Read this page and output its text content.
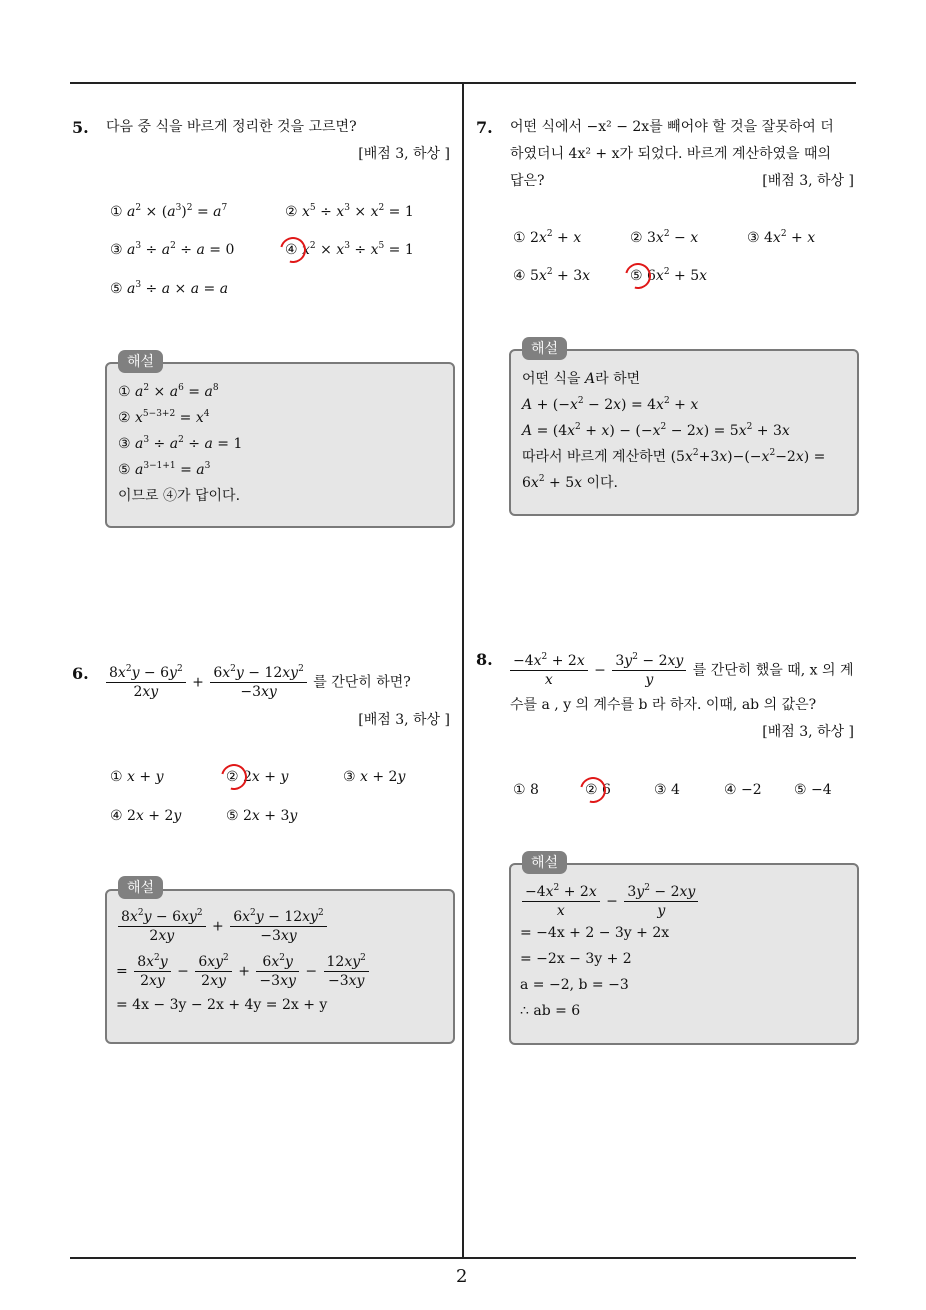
2
5. 다음 중 식을 바르게 정리한 것을 고르면?
[배점 3, 하상 ]
① $a^2 \times (a^3)^2 = a^7$	② $x^5 \div x^3 \times x^2 = 1$
③ $a^3 \div a^2 \div a = 0$	④ $x^2 \times x^3 \div x^5 = 1$
⑤ $a^3 \div a \times a = a$
해설
① $a^2 \times a^6 = a^8$
② $x^{5-3+2} = x^4$
③ $a^3 \div a^2 \div a = 1$
⑤ $a^{3-1+1} = a^3$
이므로 ④가 답이다.
6. $\frac{8x^2y - 6y^2}{2xy} + \frac{6x^2y - 12xy^2}{-3xy}$ 를 간단히 하면?
[배점 3, 하상 ]
① x + y	②
2x + y	③ x + 2y
④ 2x + 2y	⑤ 2x + 3y
해설
$\frac{8x^2y - 6xy^2}{2xy} + \frac{6x^2y - 12xy^2}{-3xy}$
= $\frac{8x^2y}{2xy} - \frac{6xy^2}{2xy} + \frac{6x^2y}{-3xy} - \frac{12xy^2}{-3xy}$
= 4x − 3y − 2x + 4y = 2x + y
7. 어떤 식에서 −x² − 2x를 빼어야 할 것을 잘못하여 더
하였더니 4x² + x가 되었다. 바르게 계산하였을 때의
답은?	[배점 3, 하상 ]
① $2x^2 + x$	② $3x^2 - x$	③ $4x^2 + x$
④ $5x^2 + 3x$	⑤
$6x^2 + 5x$
해설
어떤 식을 A라 하면
$A + (-x^2 - 2x) = 4x^2 + x$
$A = (4x^2 + x) - (-x^2 - 2x) = 5x^2 + 3x$
따라서 바르게 계산하면 $(5x^2+3x)-(-x^2-2x)$ =
$6x^2 + 5x$ 이다.
8. $\frac{-4x^2 + 2x}{x} - \frac{3y^2 - 2xy}{y}$ 를 간단히 했을 때, x 의 계
수를 a , y 의 계수를 b 라 하자. 이때, ab 의 값은?
[배점 3, 하상 ]
① 8	②
6	③ 4	④ −2 ⑤ −4
해설
$\frac{-4x^2 + 2x}{x} - \frac{3y^2 - 2xy}{y}$
= −4x + 2 − 3y + 2x
= −2x − 3y + 2
a = −2, b = −3
∴ ab = 6
